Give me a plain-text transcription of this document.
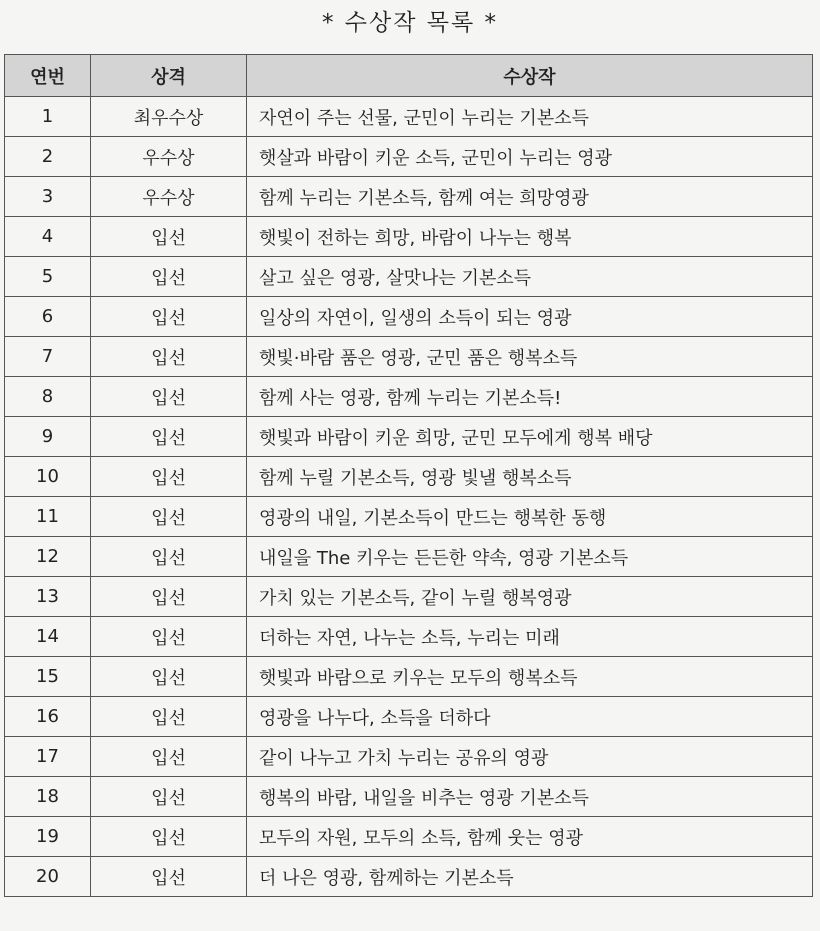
* 수상작 목록 *
연번	상격	수상작
1	최우수상	자연이 주는 선물, 군민이 누리는 기본소득
2	우수상	햇살과 바람이 키운 소득, 군민이 누리는 영광
3	우수상	함께 누리는 기본소득, 함께 여는 희망영광
4	입선	햇빛이 전하는 희망, 바람이 나누는 행복
5	입선	살고 싶은 영광, 살맛나는 기본소득
6	입선	일상의 자연이, 일생의 소득이 되는 영광
7	입선	햇빛·바람 품은 영광, 군민 품은 행복소득
8	입선	함께 사는 영광, 함께 누리는 기본소득!
9	입선	햇빛과 바람이 키운 희망, 군민 모두에게 행복 배당
10	입선	함께 누릴 기본소득, 영광 빛낼 행복소득
11	입선	영광의 내일, 기본소득이 만드는 행복한 동행
12	입선	내일을 The 키우는 든든한 약속, 영광 기본소득
13	입선	가치 있는 기본소득, 같이 누릴 행복영광
14	입선	더하는 자연, 나누는 소득, 누리는 미래
15	입선	햇빛과 바람으로 키우는 모두의 행복소득
16	입선	영광을 나누다, 소득을 더하다
17	입선	같이 나누고 가치 누리는 공유의 영광
18	입선	행복의 바람, 내일을 비추는 영광 기본소득
19	입선	모두의 자원, 모두의 소득, 함께 웃는 영광
20	입선	더 나은 영광, 함께하는 기본소득
